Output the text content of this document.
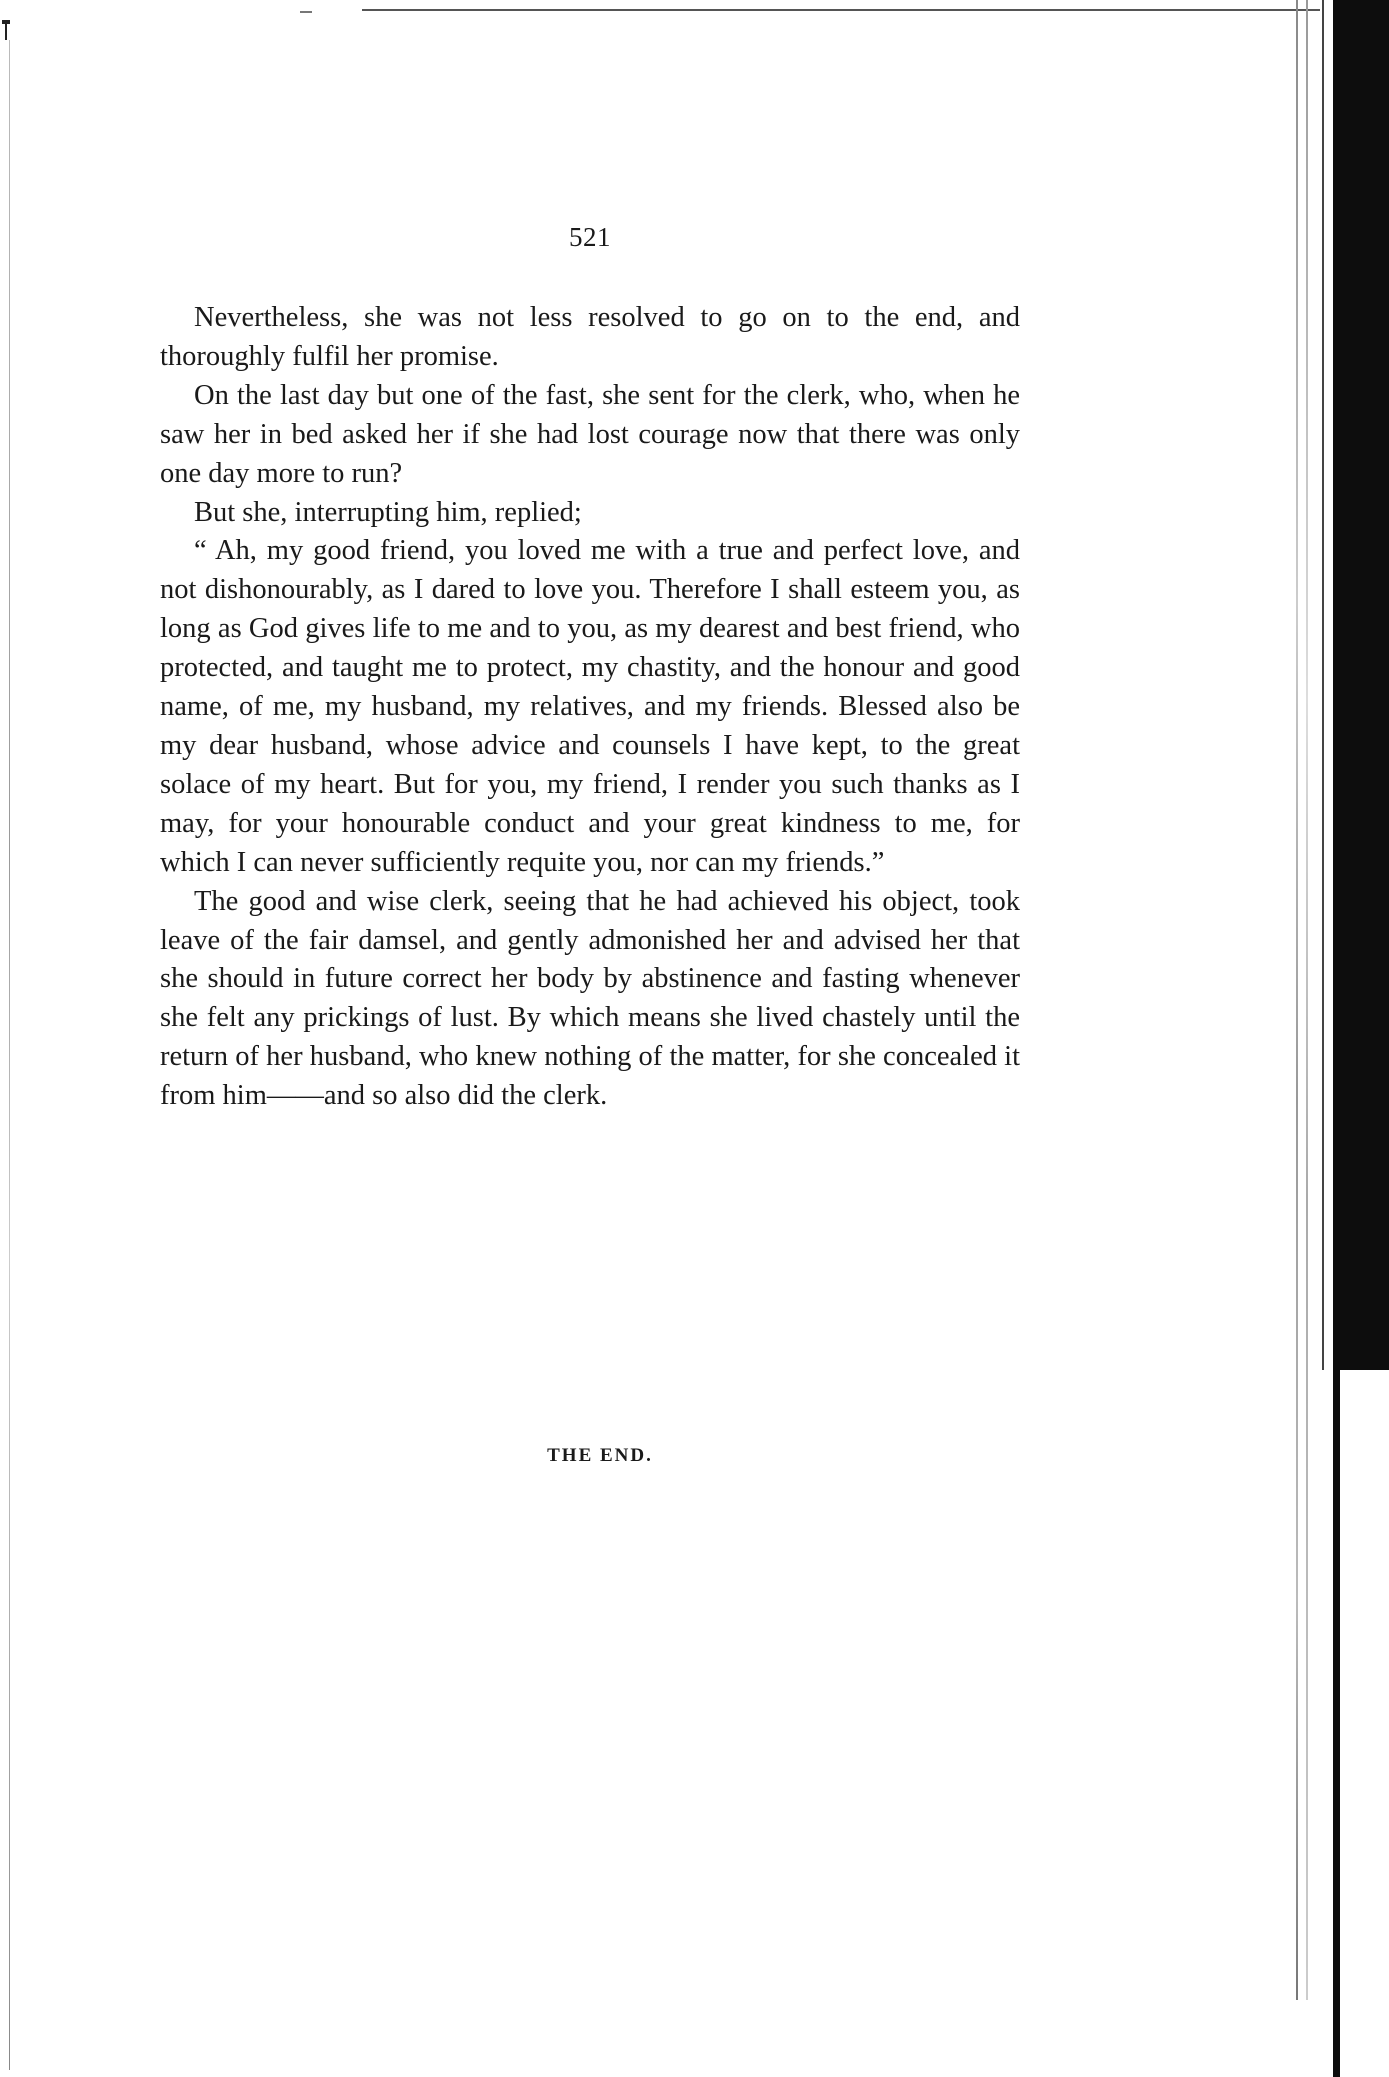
521

Nevertheless, she was not less resolved to go on to the end, and thoroughly fulfil her promise.

On the last day but one of the fast, she sent for the clerk, who, when he saw her in bed asked her if she had lost courage now that there was only one day more to run?

But she, interrupting him, replied;

“ Ah, my good friend, you loved me with a true and perfect love, and not dishonourably, as I dared to love you. Therefore I shall esteem you, as long as God gives life to me and to you, as my dearest and best friend, who protected, and taught me to protect, my chastity, and the honour and good name, of me, my husband, my relatives, and my friends. Blessed also be my dear husband, whose advice and counsels I have kept, to the great solace of my heart. But for you, my friend, I render you such thanks as I may, for your honourable conduct and your great kindness to me, for which I can never sufficiently requite you, nor can my friends.”

The good and wise clerk, seeing that he had achieved his object, took leave of the fair damsel, and gently admonished her and advised her that she should in future correct her body by abstinence and fasting whenever she felt any prickings of lust. By which means she lived chastely until the return of her husband, who knew nothing of the matter, for she concealed it from him——and so also did the clerk.

THE END.
